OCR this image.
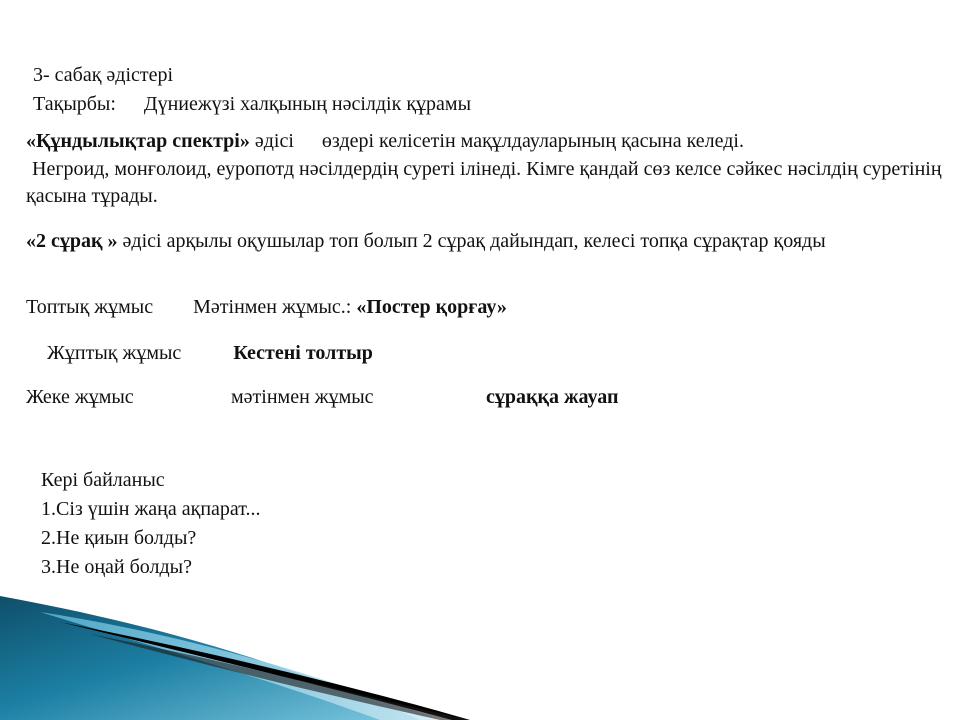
3- сабақ әдістері
Тақырбы: Дүниежүзі халқының нәсілдік құрамы
«Құндылықтар спектрі» әдісі өздері келісетін мақұлдауларының қасына келеді.
Негроид, монғолоид, еуропотд нәсілдердің суреті ілінеді. Кімге қандай сөз келсе сәйкес нәсілдің суретінің қасына тұрады.
«2 сұрақ » әдісі арқылы оқушылар топ болып 2 сұрақ дайындап, келесі топқа сұрақтар қояды
Топтық жұмыс Мәтінмен жұмыс.: «Постер қорғау»
Жұптық жұмыс	Кестені толтыр
Жеке жұмыс	мәтінмен жұмыс	сұраққа жауап
Кері байланыс
1.Сіз үшін жаңа ақпарат...
2.Не қиын болды?
3.Не оңай болды?
